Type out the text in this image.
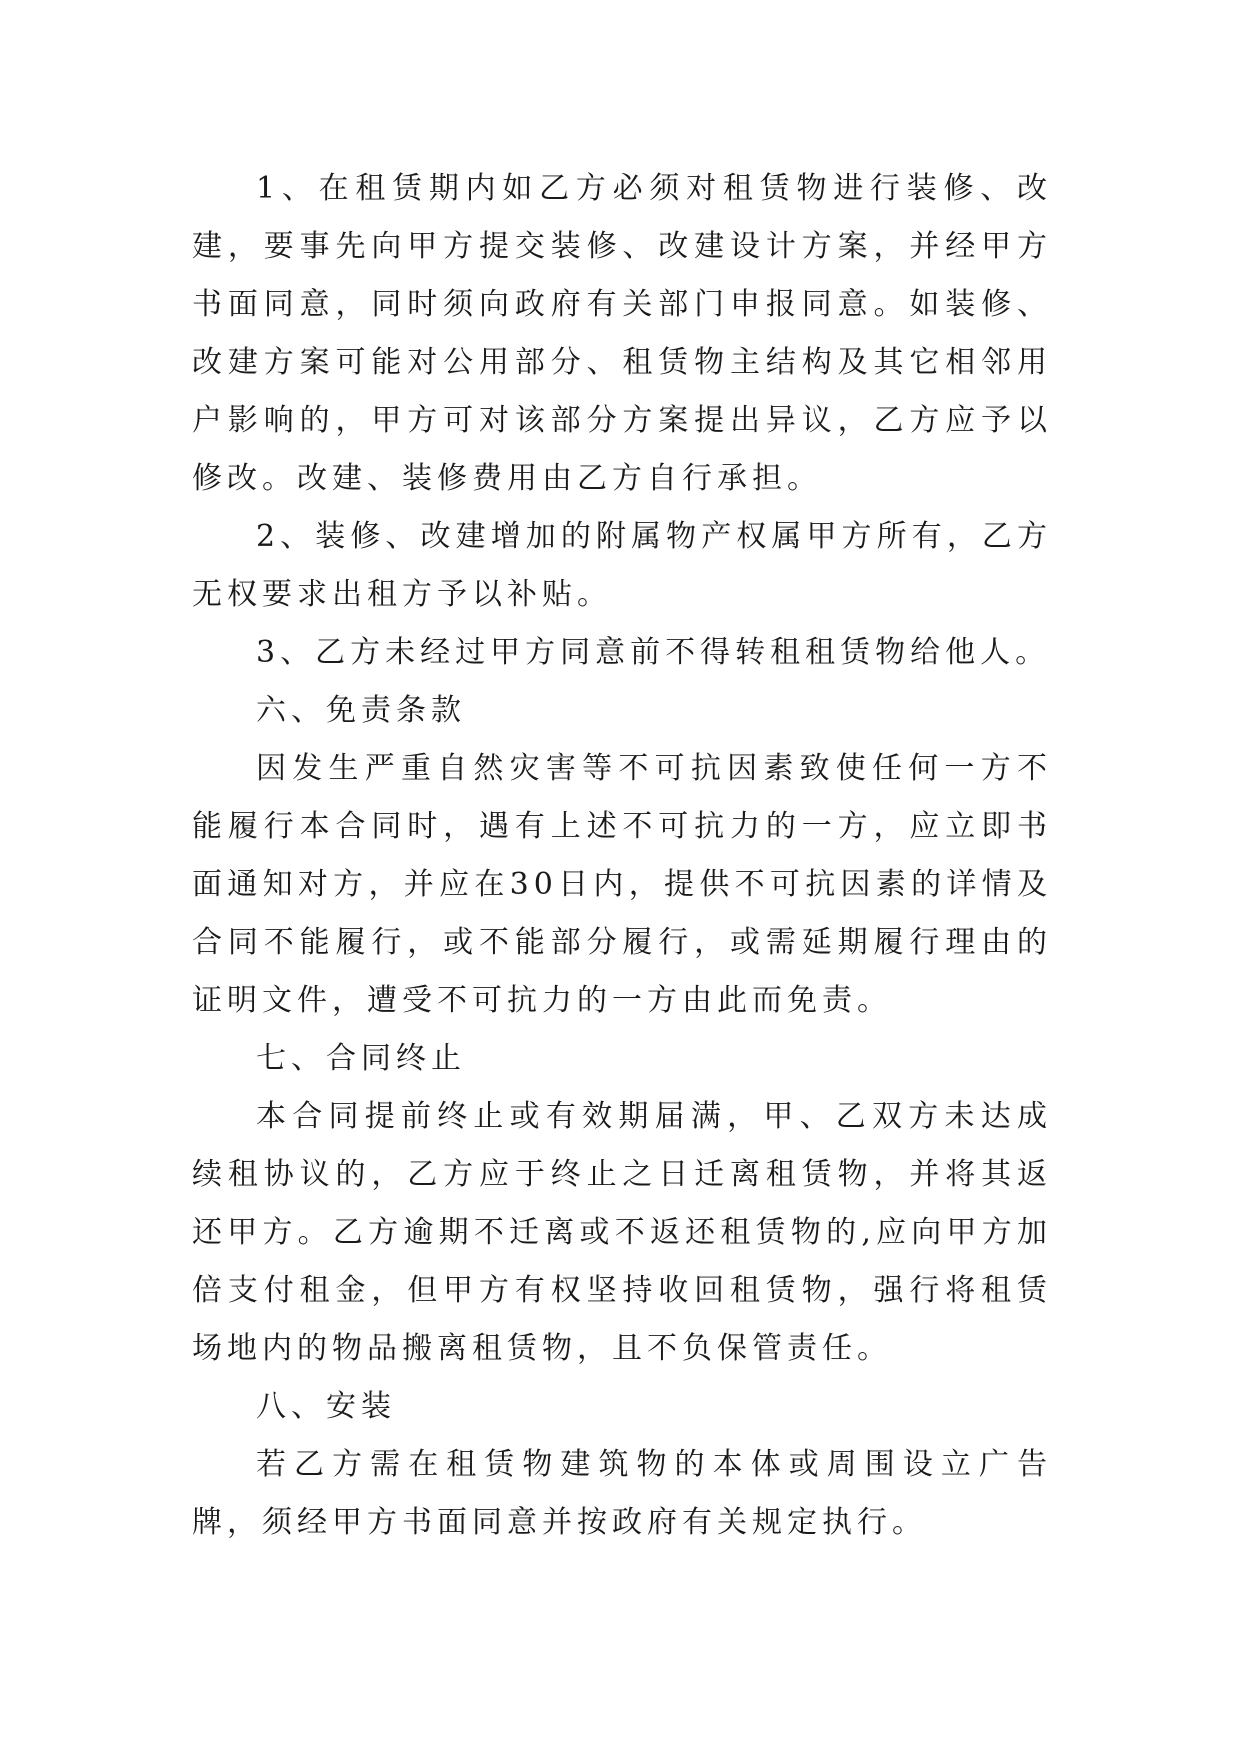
1、在租赁期内如乙方必须对租赁物进行装修、改建，要事先向甲方提交装修、改建设计方案，并经甲方书面同意，同时须向政府有关部门申报同意。如装修、改建方案可能对公用部分、租赁物主结构及其它相邻用户影响的，甲方可对该部分方案提出异议，乙方应予以修改。改建、装修费用由乙方自行承担。

2、装修、改建增加的附属物产权属甲方所有，乙方无权要求出租方予以补贴。

3、乙方未经过甲方同意前不得转租租赁物给他人。

六、免责条款

因发生严重自然灾害等不可抗因素致使任何一方不能履行本合同时，遇有上述不可抗力的一方，应立即书面通知对方，并应在30日内，提供不可抗因素的详情及合同不能履行，或不能部分履行，或需延期履行理由的证明文件，遭受不可抗力的一方由此而免责。

七、合同终止

本合同提前终止或有效期届满，甲、乙双方未达成续租协议的，乙方应于终止之日迁离租赁物，并将其返还甲方。乙方逾期不迁离或不返还租赁物的,应向甲方加倍支付租金，但甲方有权坚持收回租赁物，强行将租赁场地内的物品搬离租赁物，且不负保管责任。

八、安装

若乙方需在租赁物建筑物的本体或周围设立广告牌，须经甲方书面同意并按政府有关规定执行。
